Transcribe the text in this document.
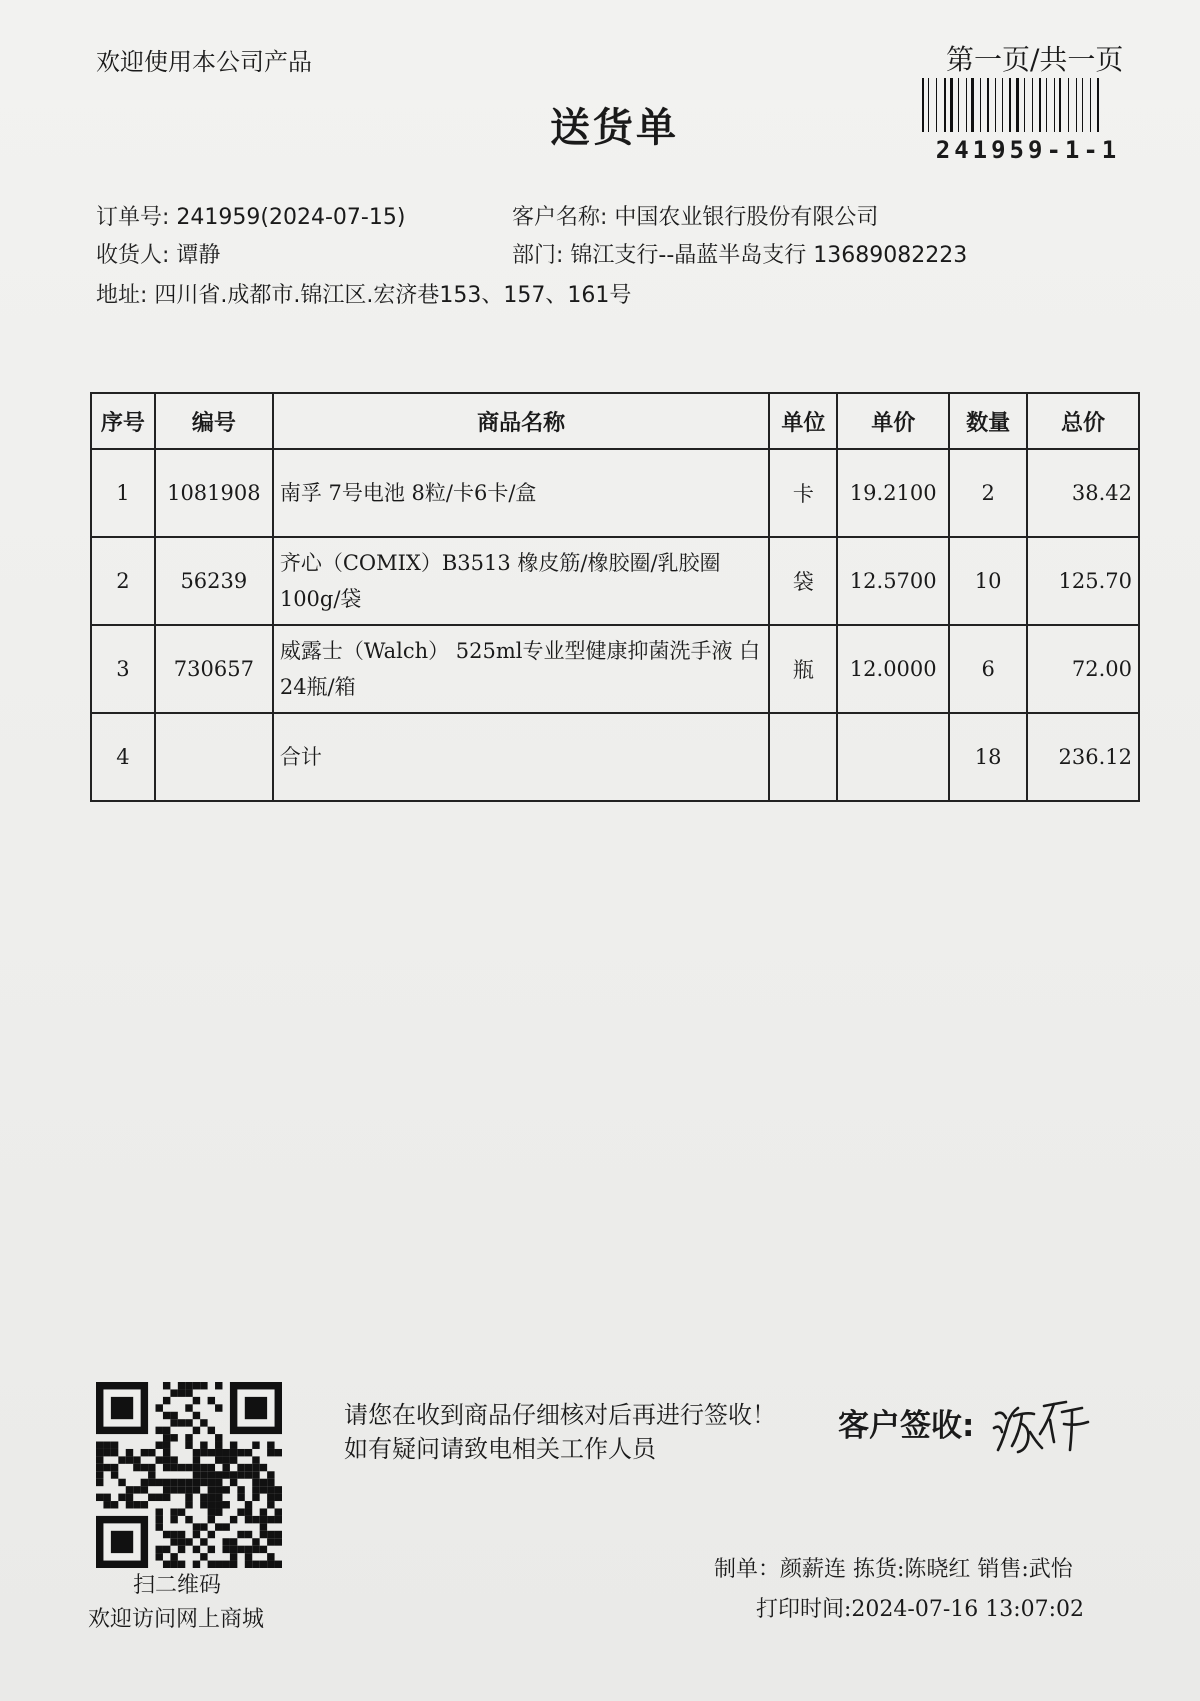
欢迎使用本公司产品	第一页/共一页
送货单	241959-1-1
订单号: 241959(2024-07-15)	客户名称: 中国农业银行股份有限公司
收货人: 谭静	部门: 锦江支行--晶蓝半岛支行 13689082223
地址: 四川省.成都市.锦江区.宏济巷153、157、161号
序号	编号	商品名称	单位	单价	数量	总价
1	1081908	南孚 7号电池 8粒/卡6卡/盒	卡	19.2100	2	38.42
2	56239	齐心（COMIX）B3513 橡皮筋/橡胶圈/乳胶圈 100g/袋	袋	12.5700	10	125.70
3	730657	威露士（Walch） 525ml专业型健康抑菌洗手液 白 24瓶/箱	瓶	12.0000	6	72.00
4		合计			18	236.12
扫二维码
欢迎访问网上商城
请您在收到商品仔细核对后再进行签收！如有疑问请致电相关工作人员
客户签收:
制单：颜薪连 拣货:陈晓红 销售:武怡
打印时间:2024-07-16 13:07:02
